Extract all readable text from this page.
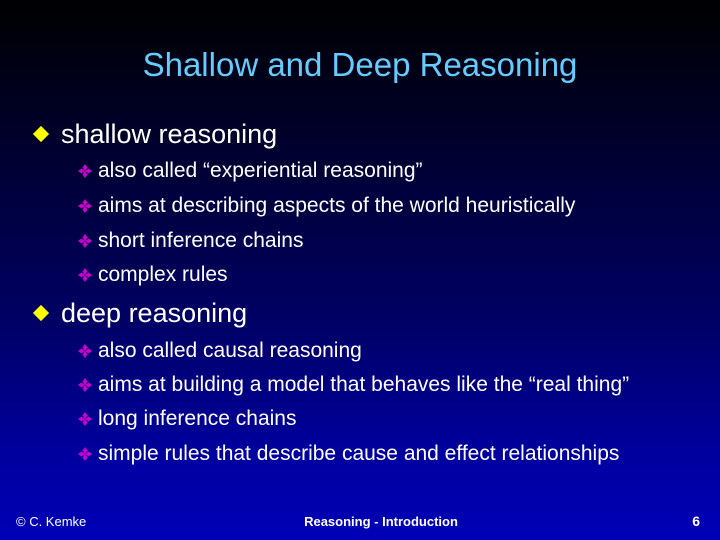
Shallow and Deep Reasoning
shallow reasoning
also called “experiential reasoning”
aims at describing aspects of the world heuristically
short inference chains
complex rules
deep reasoning
also called causal reasoning
aims at building a model that behaves like the “real thing”
long inference chains
simple rules that describe cause and effect relationships
© C. Kemke	Reasoning - Introduction	6
